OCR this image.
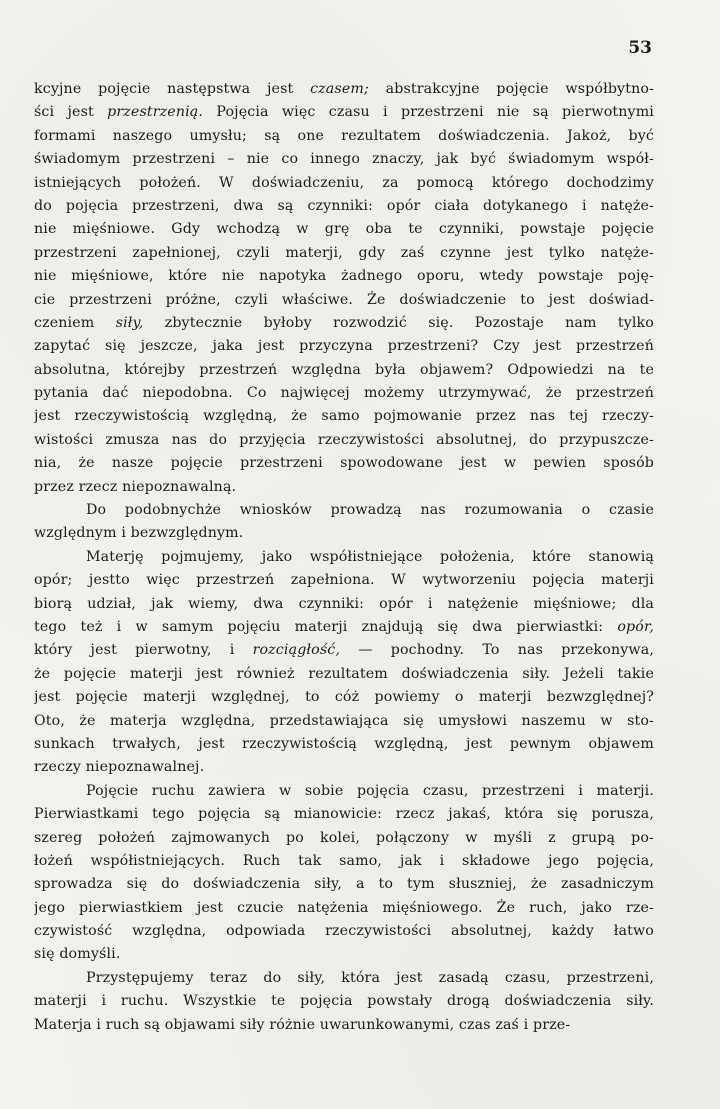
53
kcyjne pojęcie następstwa jest czasem; abstrakcyjne pojęcie współbytno-
ści jest przestrzenią. Pojęcia więc czasu i przestrzeni nie są pierwotnymi
formami naszego umysłu; są one rezultatem doświadczenia. Jakoż, być
świadomym przestrzeni – nie co innego znaczy, jak być świadomym współ-
istniejących położeń. W doświadczeniu, za pomocą którego dochodzimy
do pojęcia przestrzeni, dwa są czynniki: opór ciała dotykanego i natęże-
nie mięśniowe. Gdy wchodzą w grę oba te czynniki, powstaje pojęcie
przestrzeni zapełnionej, czyli materji, gdy zaś czynne jest tylko natęże-
nie mięśniowe, które nie napotyka żadnego oporu, wtedy powstaje poję-
cie przestrzeni próżne, czyli właściwe. Że doświadczenie to jest doświad-
czeniem siły, zbytecznie byłoby rozwodzić się. Pozostaje nam tylko
zapytać się jeszcze, jaka jest przyczyna przestrzeni? Czy jest przestrzeń
absolutna, którejby przestrzeń względna była objawem? Odpowiedzi na te
pytania dać niepodobna. Co najwięcej możemy utrzymywać, że przestrzeń
jest rzeczywistością względną, że samo pojmowanie przez nas tej rzeczy-
wistości zmusza nas do przyjęcia rzeczywistości absolutnej, do przypuszcze-
nia, że nasze pojęcie przestrzeni spowodowane jest w pewien sposób
przez rzecz niepoznawalną.
Do podobnychże wniosków prowadzą nas rozumowania o czasie
względnym i bezwzględnym.
Materję pojmujemy, jako współistniejące położenia, które stanowią
opór; jestto więc przestrzeń zapełniona. W wytworzeniu pojęcia materji
biorą udział, jak wiemy, dwa czynniki: opór i natężenie mięśniowe; dla
tego też i w samym pojęciu materji znajdują się dwa pierwiastki: opór,
który jest pierwotny, i rozciągłość, — pochodny. To nas przekonywa,
że pojęcie materji jest również rezultatem doświadczenia siły. Jeżeli takie
jest pojęcie materji względnej, to cóż powiemy o materji bezwzględnej?
Oto, że materja względna, przedstawiająca się umysłowi naszemu w sto-
sunkach trwałych, jest rzeczywistością względną, jest pewnym objawem
rzeczy niepoznawalnej.
Pojęcie ruchu zawiera w sobie pojęcia czasu, przestrzeni i materji.
Pierwiastkami tego pojęcia są mianowicie: rzecz jakaś, która się porusza,
szereg położeń zajmowanych po kolei, połączony w myśli z grupą po-
łożeń współistniejących. Ruch tak samo, jak i składowe jego pojęcia,
sprowadza się do doświadczenia siły, a to tym słuszniej, że zasadniczym
jego pierwiastkiem jest czucie natężenia mięśniowego. Że ruch, jako rze-
czywistość względna, odpowiada rzeczywistości absolutnej, każdy łatwo
się domyśli.
Przystępujemy teraz do siły, która jest zasadą czasu, przestrzeni,
materji i ruchu. Wszystkie te pojęcia powstały drogą doświadczenia siły.
Materja i ruch są objawami siły różnie uwarunkowanymi, czas zaś i prze-
